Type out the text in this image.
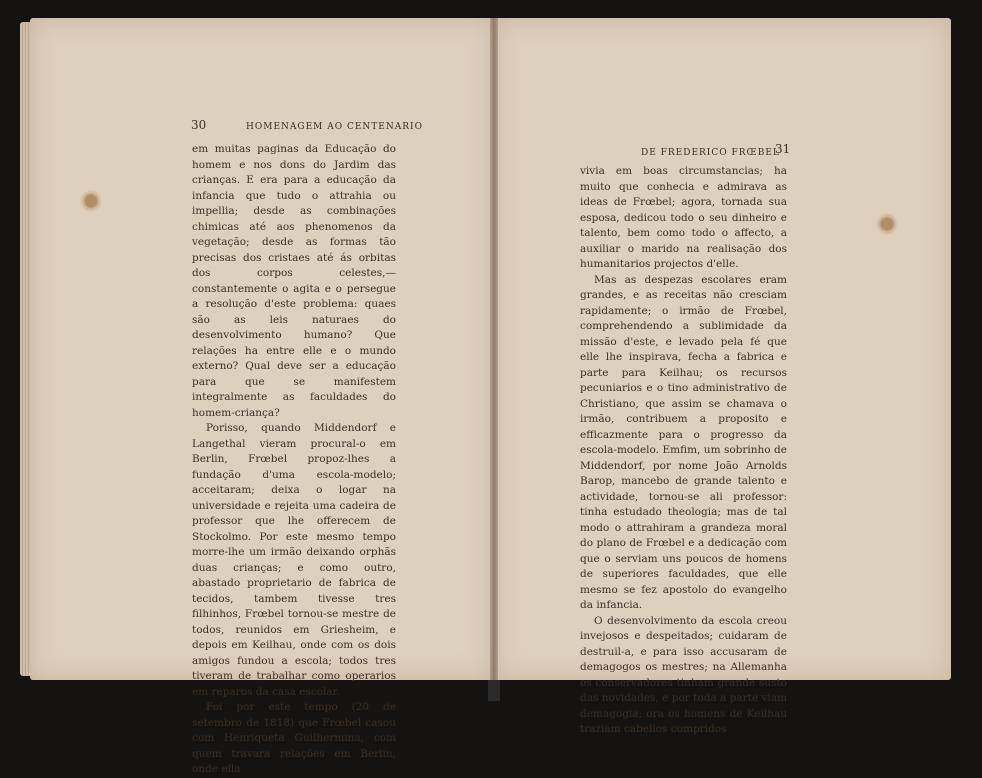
30	HOMENAGEM AO CENTENARIO

em muitas paginas da Educação do homem e nos dons do Jardim das crianças. E era para a educação da infancia que tudo o attrahia ou impellia; desde as combinações chimicas até aos phenomenos da vegetação; desde as formas tão precisas dos cristaes até ás orbitas dos corpos celestes,— constantemente o agita e o persegue a resolução d'este problema: quaes são as leis naturaes do desenvolvimento humano? Que relações ha entre elle e o mundo externo? Qual deve ser a educação para que se manifestem integralmente as faculdades do homem-criança?

Porisso, quando Middendorf e Langethal vieram procural-o em Berlin, Frœbel propoz-lhes a fundação d'uma escola-modelo; acceitaram; deixa o logar na universidade e rejeita uma cadeira de professor que lhe offerecem de Stockolmo. Por este mesmo tempo morre-lhe um irmão deixando orphãs duas crianças; e como outro, abastado proprietario de fabrica de tecidos, tambem tivesse tres filhinhos, Frœbel tornou-se mestre de todos, reunidos em Griesheim, e depois em Keilhau, onde com os dois amigos fundou a escola; todos tres tiveram de trabalhar como operarios em reparos da casa escolar.

Foi por este tempo (20 de setembro de 1818) que Frœbel casou com Henriqueta Guilhermina, com quem travara relações em Berlin, onde ella

DE FREDERICO FRŒBEL
31

vivia em boas circumstancias; ha muito que conhecia e admirava as ideas de Frœbel; agora, tornada sua esposa, dedicou todo o seu dinheiro e talento, bem como todo o affecto, a auxiliar o marido na realisação dos humanitarios projectos d'elle.

Mas as despezas escolares eram grandes, e as receitas não cresciam rapidamente; o irmão de Frœbel, comprehendendo a sublimidade da missão d'este, e levado pela fé que elle lhe inspirava, fecha a fabrica e parte para Keilhau; os recursos pecuniarios e o tino administrativo de Christiano, que assim se chamava o irmão, contribuem a proposito e efficazmente para o progresso da escola-modelo. Emfim, um sobrinho de Middendorf, por nome João Arnolds Barop, mancebo de grande talento e actividade, tornou-se ali professor: tinha estudado theologia; mas de tal modo o attrahiram a grandeza moral do plano de Frœbel e a dedicação com que o serviam uns poucos de homens de superiores faculdades, que elle mesmo se fez apostolo do evangelho da infancia.

O desenvolvimento da escola creou invejosos e despeitados; cuidaram de destruil-a, e para isso accusaram de demagogos os mestres; na Allemanha os conservadores tinham grande susto das novidades, e por toda a parte viam demagogia; ora os homens de Keilhau traziam cabellos compridos
